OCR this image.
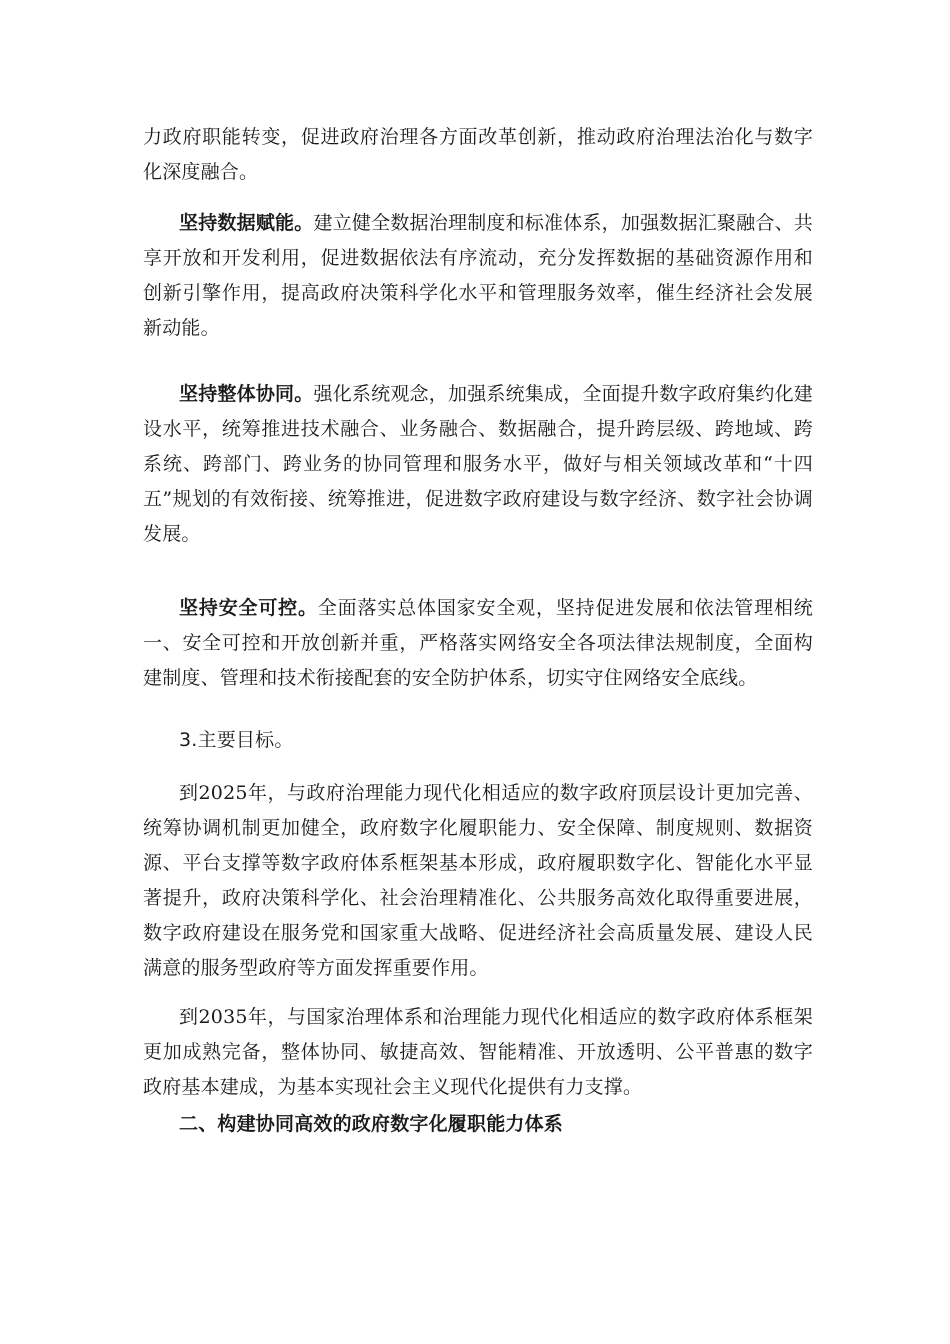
力政府职能转变，促进政府治理各方面改革创新，推动政府治理法治化与数字化深度融合。

坚持数据赋能。建立健全数据治理制度和标准体系，加强数据汇聚融合、共享开放和开发利用，促进数据依法有序流动，充分发挥数据的基础资源作用和创新引擎作用，提高政府决策科学化水平和管理服务效率，催生经济社会发展新动能。

坚持整体协同。强化系统观念，加强系统集成，全面提升数字政府集约化建设水平，统筹推进技术融合、业务融合、数据融合，提升跨层级、跨地域、跨系统、跨部门、跨业务的协同管理和服务水平，做好与相关领域改革和“十四五”规划的有效衔接、统筹推进，促进数字政府建设与数字经济、数字社会协调发展。

坚持安全可控。全面落实总体国家安全观，坚持促进发展和依法管理相统一、安全可控和开放创新并重，严格落实网络安全各项法律法规制度，全面构建制度、管理和技术衔接配套的安全防护体系，切实守住网络安全底线。

3.主要目标。

到2025年，与政府治理能力现代化相适应的数字政府顶层设计更加完善、统筹协调机制更加健全，政府数字化履职能力、安全保障、制度规则、数据资源、平台支撑等数字政府体系框架基本形成，政府履职数字化、智能化水平显著提升，政府决策科学化、社会治理精准化、公共服务高效化取得重要进展，数字政府建设在服务党和国家重大战略、促进经济社会高质量发展、建设人民满意的服务型政府等方面发挥重要作用。

到2035年，与国家治理体系和治理能力现代化相适应的数字政府体系框架更加成熟完备，整体协同、敏捷高效、智能精准、开放透明、公平普惠的数字政府基本建成，为基本实现社会主义现代化提供有力支撑。

二、构建协同高效的政府数字化履职能力体系
